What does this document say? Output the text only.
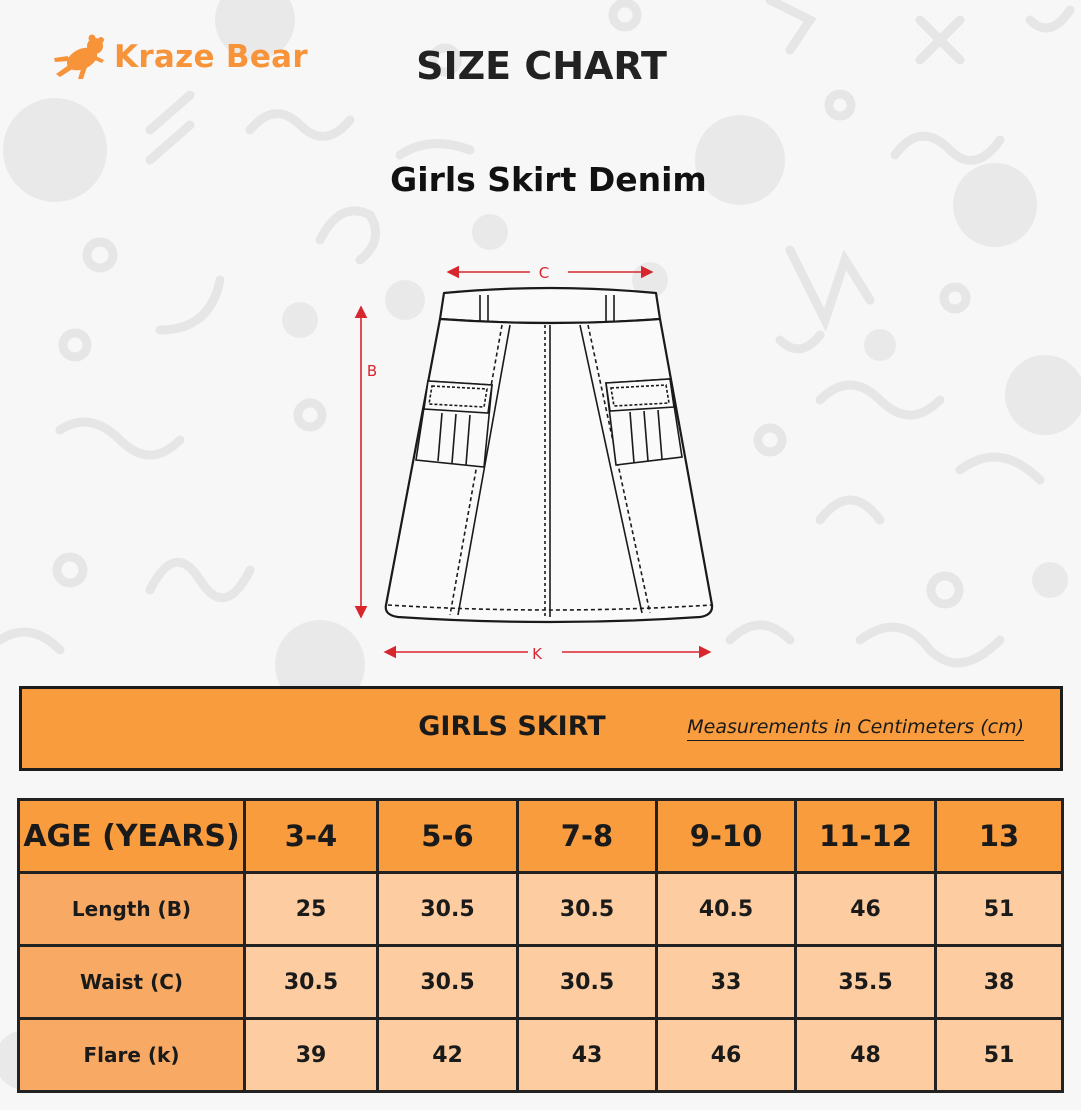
Kraze Bear	SIZE CHART
Girls Skirt Denim
C
B
K
GIRLS SKIRT	Measurements in Centimeters (cm)
AGE (YEARS)	3-4	5-6	7-8	9-10	11-12	13
Length (B)	25	30.5	30.5	40.5	46	51
Waist (C)	30.5	30.5	30.5	33	35.5	38
Flare (k)	39	42	43	46	48	51
